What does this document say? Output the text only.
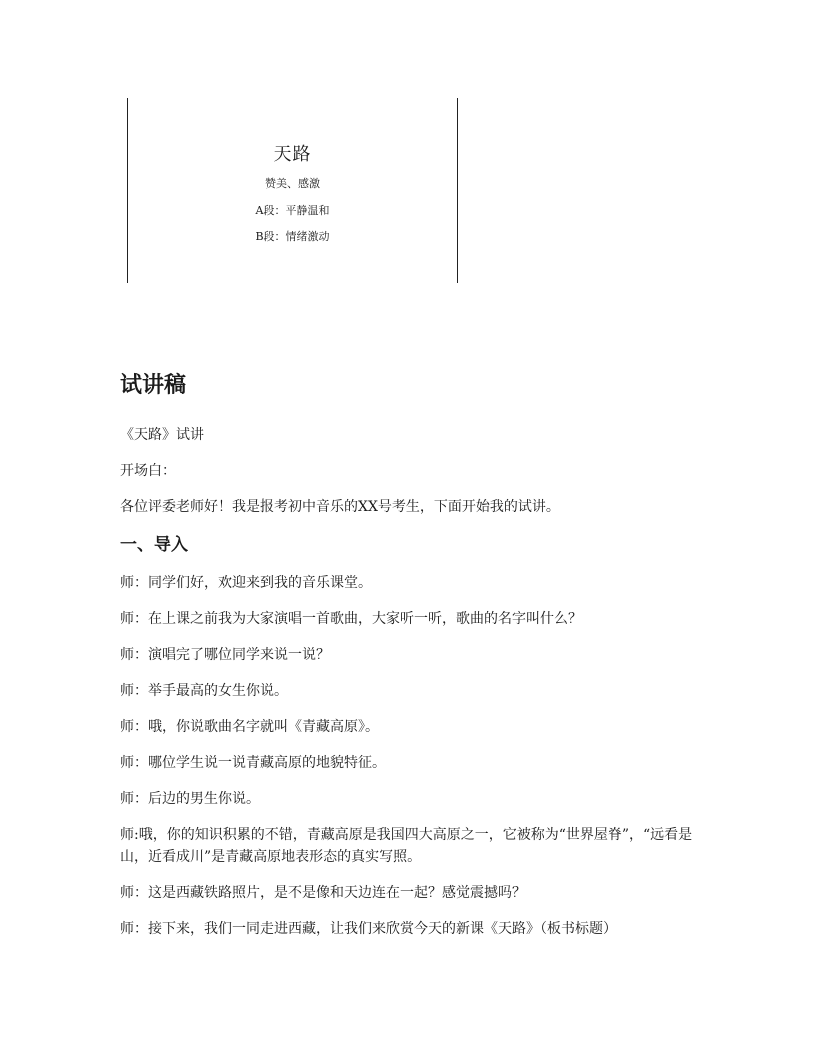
天路
赞美、感激
A段：平静温和
B段：情绪激动
试讲稿

《天路》试讲

开场白：

各位评委老师好！我是报考初中音乐的XX号考生，下面开始我的试讲。

一、导入

师：同学们好，欢迎来到我的音乐课堂。

师：在上课之前我为大家演唱一首歌曲，大家听一听，歌曲的名字叫什么？

师：演唱完了哪位同学来说一说？

师：举手最高的女生你说。

师：哦，你说歌曲名字就叫《青藏高原》。

师：哪位学生说一说青藏高原的地貌特征。

师：后边的男生你说。

师:哦，你的知识积累的不错，青藏高原是我国四大高原之一，它被称为“世界屋脊”，“远看是山，近看成川”是青藏高原地表形态的真实写照。

师：这是西藏铁路照片，是不是像和天边连在一起？感觉震撼吗？

师：接下来，我们一同走进西藏，让我们来欣赏今天的新课《天路》（板书标题）
